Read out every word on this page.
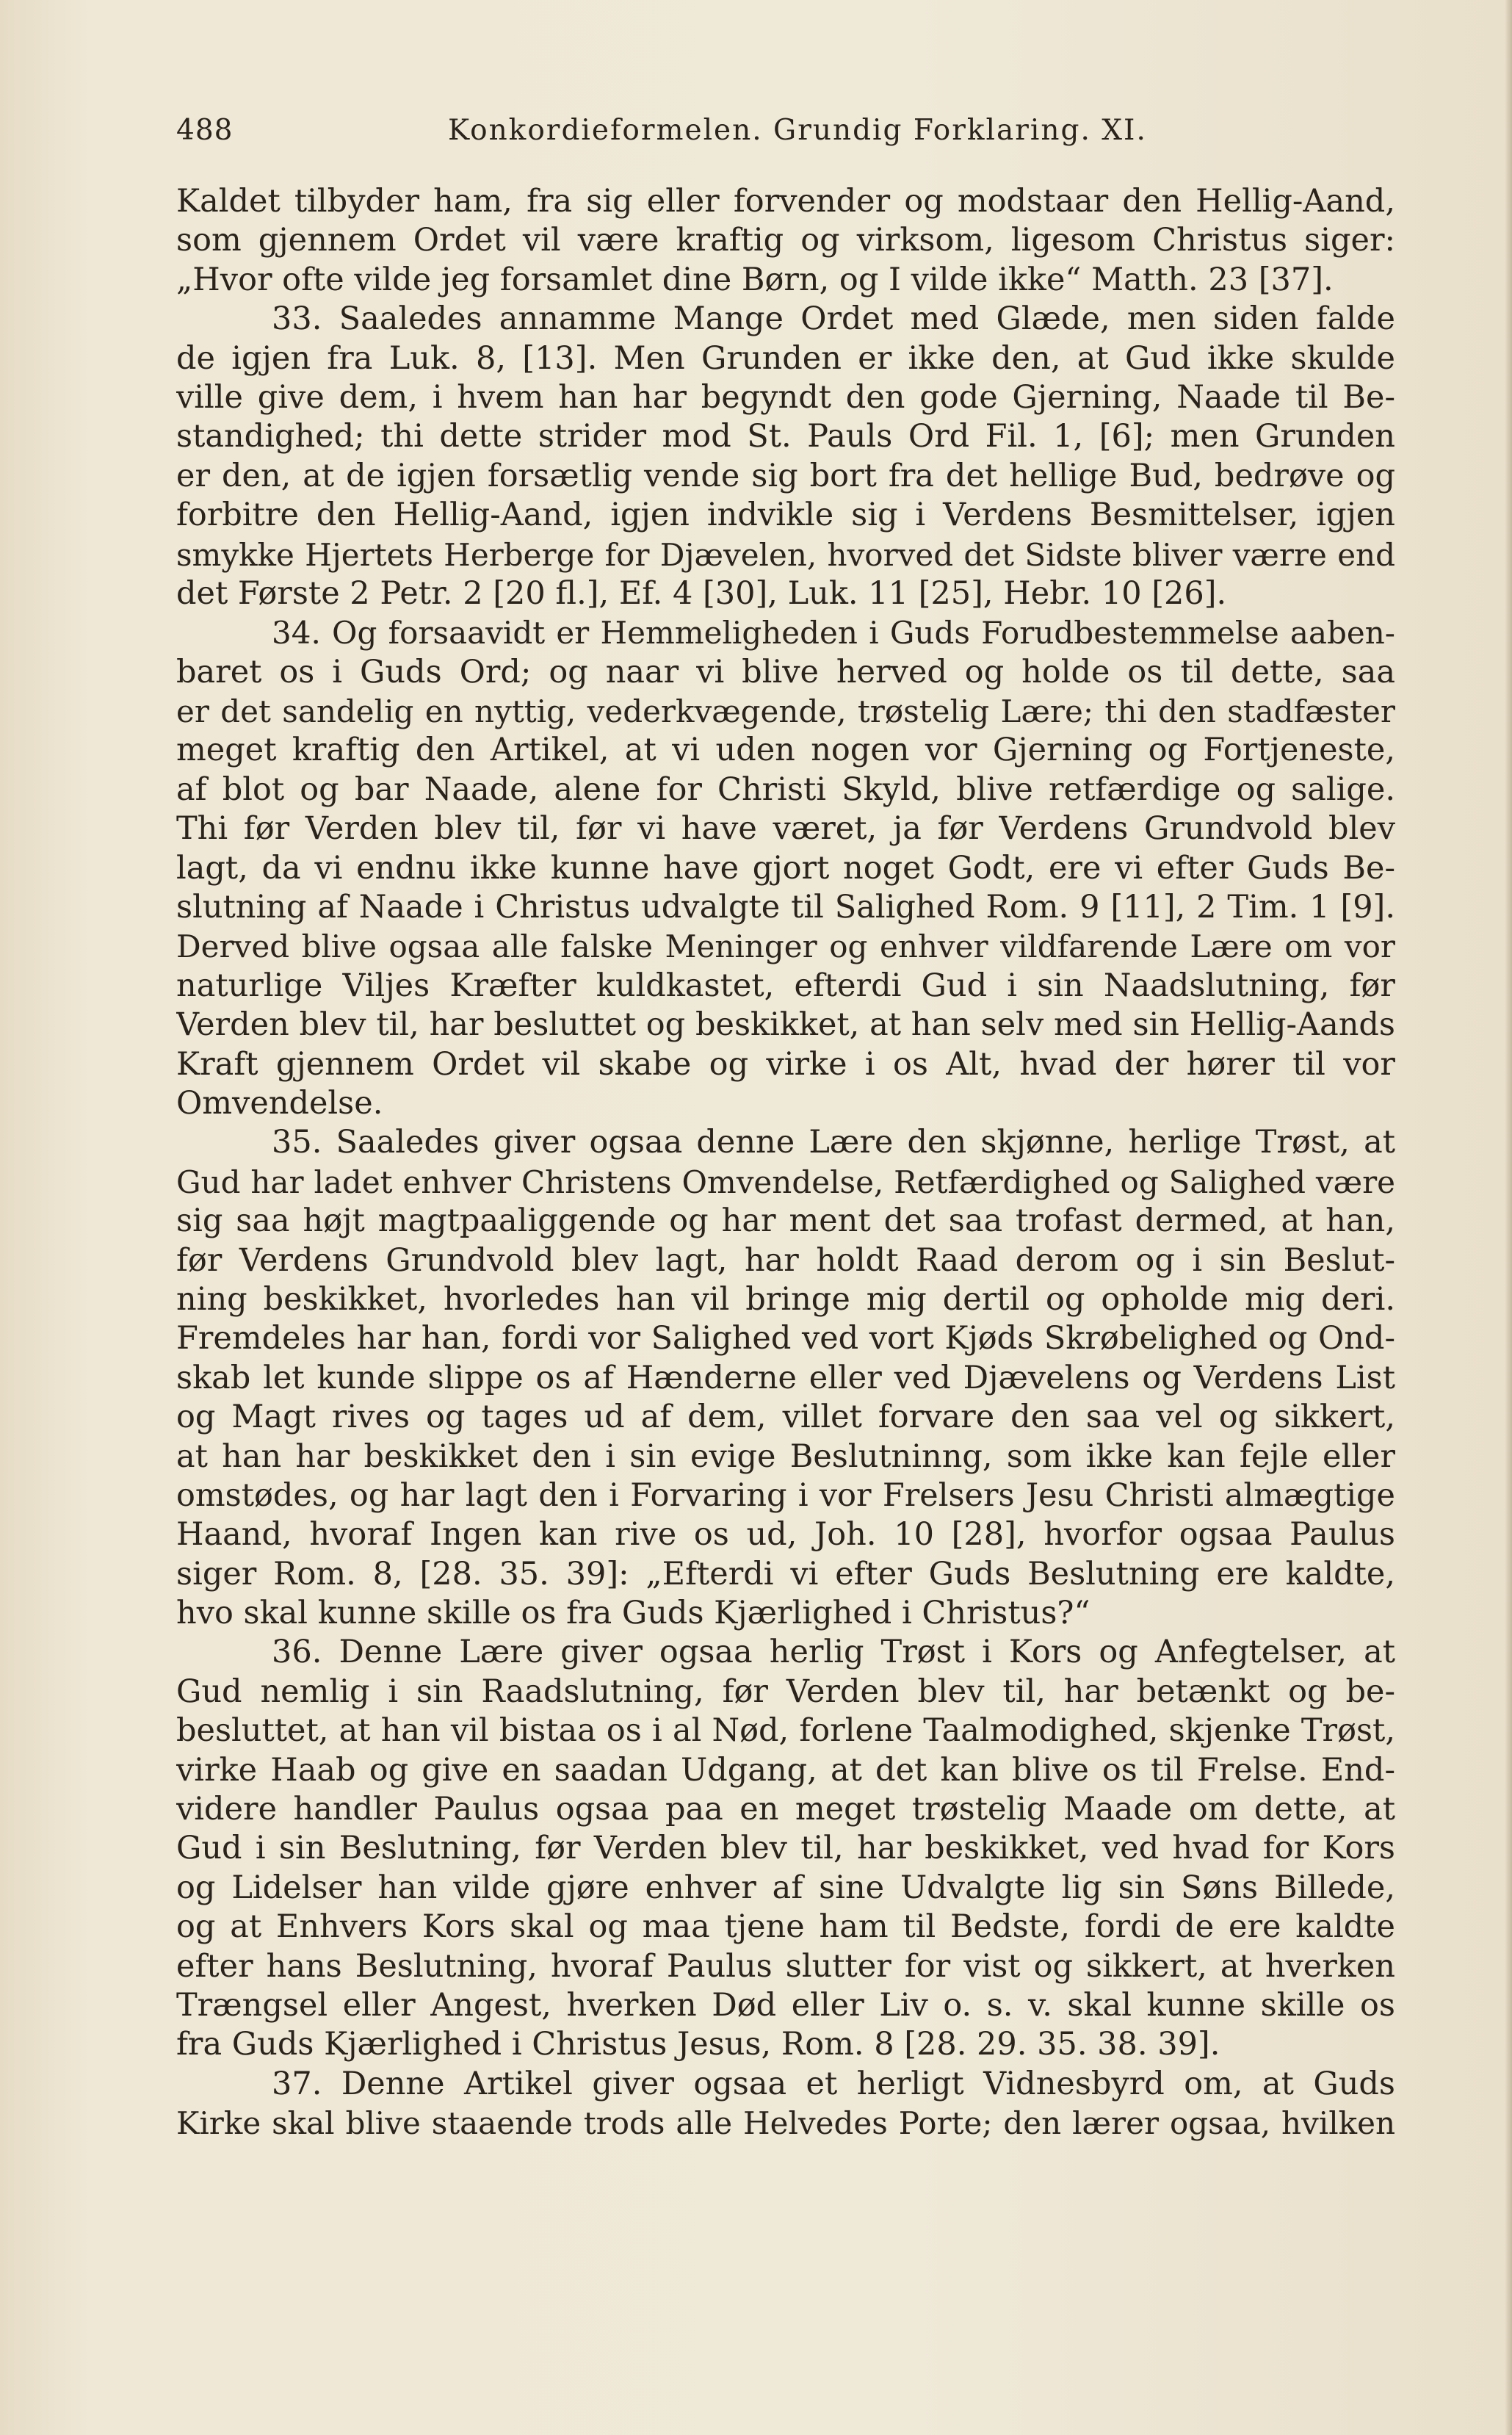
488	Konkordieformelen. Grundig Forklaring. XI.
Kaldet tilbyder ham, fra sig eller forvender og modstaar den Hellig-Aand,
som gjennem Ordet vil være kraftig og virksom, ligesom Christus siger:
„Hvor ofte vilde jeg forsamlet dine Børn, og I vilde ikke“ Matth. 23 [37].
33. Saaledes annamme Mange Ordet med Glæde, men siden falde
de igjen fra Luk. 8, [13]. Men Grunden er ikke den, at Gud ikke skulde
ville give dem, i hvem han har begyndt den gode Gjerning, Naade til Be-
standighed; thi dette strider mod St. Pauls Ord Fil. 1, [6]; men Grunden
er den, at de igjen forsætlig vende sig bort fra det hellige Bud, bedrøve og
forbitre den Hellig-Aand, igjen indvikle sig i Verdens Besmittelser, igjen
smykke Hjertets Herberge for Djævelen, hvorved det Sidste bliver værre end
det Første 2 Petr. 2 [20 fl.], Ef. 4 [30], Luk. 11 [25], Hebr. 10 [26].
34. Og forsaavidt er Hemmeligheden i Guds Forudbestemmelse aaben-
baret os i Guds Ord; og naar vi blive herved og holde os til dette, saa
er det sandelig en nyttig, vederkvægende, trøstelig Lære; thi den stadfæster
meget kraftig den Artikel, at vi uden nogen vor Gjerning og Fortjeneste,
af blot og bar Naade, alene for Christi Skyld, blive retfærdige og salige.
Thi før Verden blev til, før vi have været, ja før Verdens Grundvold blev
lagt, da vi endnu ikke kunne have gjort noget Godt, ere vi efter Guds Be-
slutning af Naade i Christus udvalgte til Salighed Rom. 9 [11], 2 Tim. 1 [9].
Derved blive ogsaa alle falske Meninger og enhver vildfarende Lære om vor
naturlige Viljes Kræfter kuldkastet, efterdi Gud i sin Naadslutning, før
Verden blev til, har besluttet og beskikket, at han selv med sin Hellig-Aands
Kraft gjennem Ordet vil skabe og virke i os Alt, hvad der hører til vor
Omvendelse.
35. Saaledes giver ogsaa denne Lære den skjønne, herlige Trøst, at
Gud har ladet enhver Christens Omvendelse, Retfærdighed og Salighed være
sig saa højt magtpaaliggende og har ment det saa trofast dermed, at han,
før Verdens Grundvold blev lagt, har holdt Raad derom og i sin Beslut-
ning beskikket, hvorledes han vil bringe mig dertil og opholde mig deri.
Fremdeles har han, fordi vor Salighed ved vort Kjøds Skrøbelighed og Ond-
skab let kunde slippe os af Hænderne eller ved Djævelens og Verdens List
og Magt rives og tages ud af dem, villet forvare den saa vel og sikkert,
at han har beskikket den i sin evige Beslutninng, som ikke kan fejle eller
omstødes, og har lagt den i Forvaring i vor Frelsers Jesu Christi almægtige
Haand, hvoraf Ingen kan rive os ud, Joh. 10 [28], hvorfor ogsaa Paulus
siger Rom. 8, [28. 35. 39]: „Efterdi vi efter Guds Beslutning ere kaldte,
hvo skal kunne skille os fra Guds Kjærlighed i Christus?“
36. Denne Lære giver ogsaa herlig Trøst i Kors og Anfegtelser, at
Gud nemlig i sin Raadslutning, før Verden blev til, har betænkt og be-
besluttet, at han vil bistaa os i al Nød, forlene Taalmodighed, skjenke Trøst,
virke Haab og give en saadan Udgang, at det kan blive os til Frelse. End-
videre handler Paulus ogsaa paa en meget trøstelig Maade om dette, at
Gud i sin Beslutning, før Verden blev til, har beskikket, ved hvad for Kors
og Lidelser han vilde gjøre enhver af sine Udvalgte lig sin Søns Billede,
og at Enhvers Kors skal og maa tjene ham til Bedste, fordi de ere kaldte
efter hans Beslutning, hvoraf Paulus slutter for vist og sikkert, at hverken
Trængsel eller Angest, hverken Død eller Liv o. s. v. skal kunne skille os
fra Guds Kjærlighed i Christus Jesus, Rom. 8 [28. 29. 35. 38. 39].
37. Denne Artikel giver ogsaa et herligt Vidnesbyrd om, at Guds
Kirke skal blive staaende trods alle Helvedes Porte; den lærer ogsaa, hvilken
